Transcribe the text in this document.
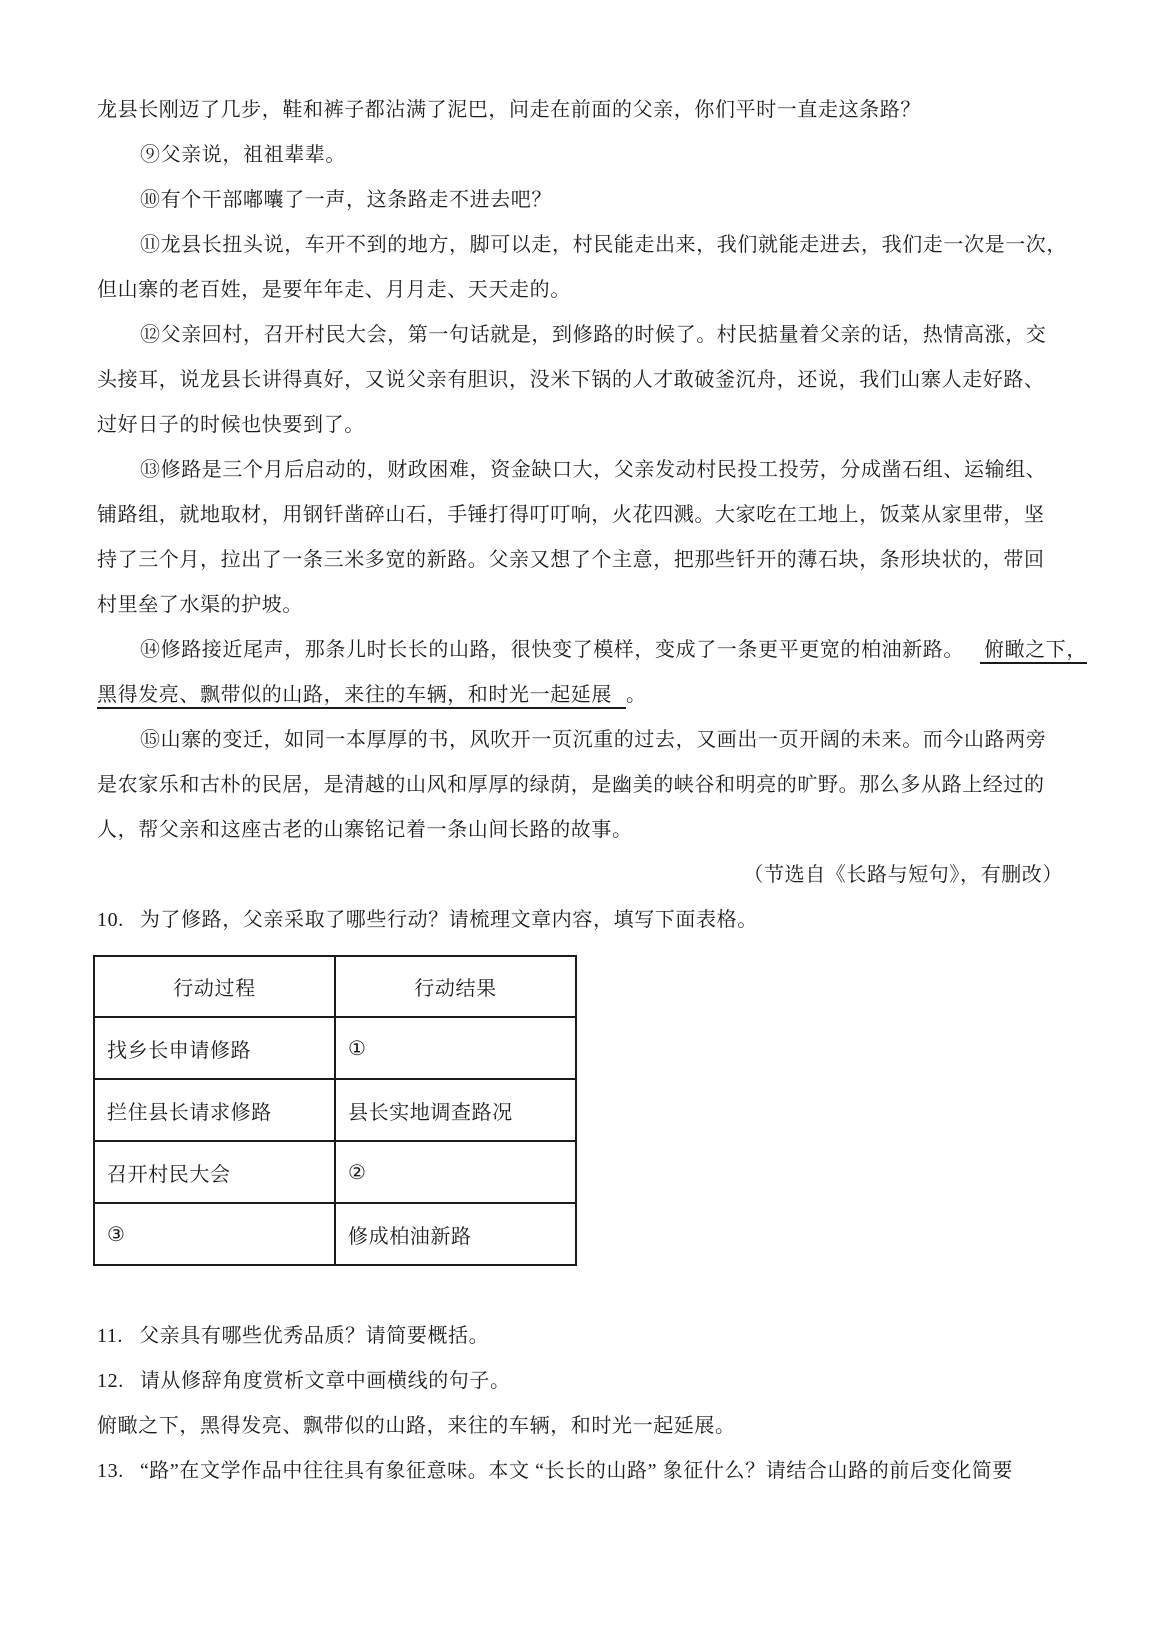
龙县长刚迈了几步，鞋和裤子都沾满了泥巴，问走在前面的父亲，你们平时一直走这条路？
⑨父亲说，祖祖辈辈。
⑩有个干部嘟囔了一声，这条路走不进去吧？
⑪龙县长扭头说，车开不到的地方，脚可以走，村民能走出来，我们就能走进去，我们走一次是一次，
但山寨的老百姓，是要年年走、月月走、天天走的。
⑫父亲回村，召开村民大会，第一句话就是，到修路的时候了。村民掂量着父亲的话，热情高涨，交
头接耳，说龙县长讲得真好，又说父亲有胆识，没米下锅的人才敢破釜沉舟，还说，我们山寨人走好路、
过好日子的时候也快要到了。
⑬修路是三个月后启动的，财政困难，资金缺口大，父亲发动村民投工投劳，分成凿石组、运输组、
铺路组，就地取材，用钢钎凿碎山石，手锤打得叮叮响，火花四溅。大家吃在工地上，饭菜从家里带，坚
持了三个月，拉出了一条三米多宽的新路。父亲又想了个主意，把那些钎开的薄石块，条形块状的，带回
村里垒了水渠的护坡。
⑭修路接近尾声，那条儿时长长的山路，很快变了模样，变成了一条更平更宽的柏油新路。 俯瞰之下，
黑得发亮、飘带似的山路，来往的车辆，和时光一起延展 。
⑮山寨的变迁，如同一本厚厚的书，风吹开一页沉重的过去，又画出一页开阔的未来。而今山路两旁
是农家乐和古朴的民居，是清越的山风和厚厚的绿荫，是幽美的峡谷和明亮的旷野。那么多从路上经过的
人，帮父亲和这座古老的山寨铭记着一条山间长路的故事。
（节选自《长路与短句》，有删改）
10. 为了修路，父亲采取了哪些行动？请梳理文章内容，填写下面表格。
行动过程	行动结果
找乡长申请修路	①
拦住县长请求修路	县长实地调查路况
召开村民大会	②
③	修成柏油新路
11. 父亲具有哪些优秀品质？请简要概括。
12. 请从修辞角度赏析文章中画横线的句子。
俯瞰之下，黑得发亮、飘带似的山路，来往的车辆，和时光一起延展。
13. “路”在文学作品中往往具有象征意味。本文 “长长的山路” 象征什么？请结合山路的前后变化简要
